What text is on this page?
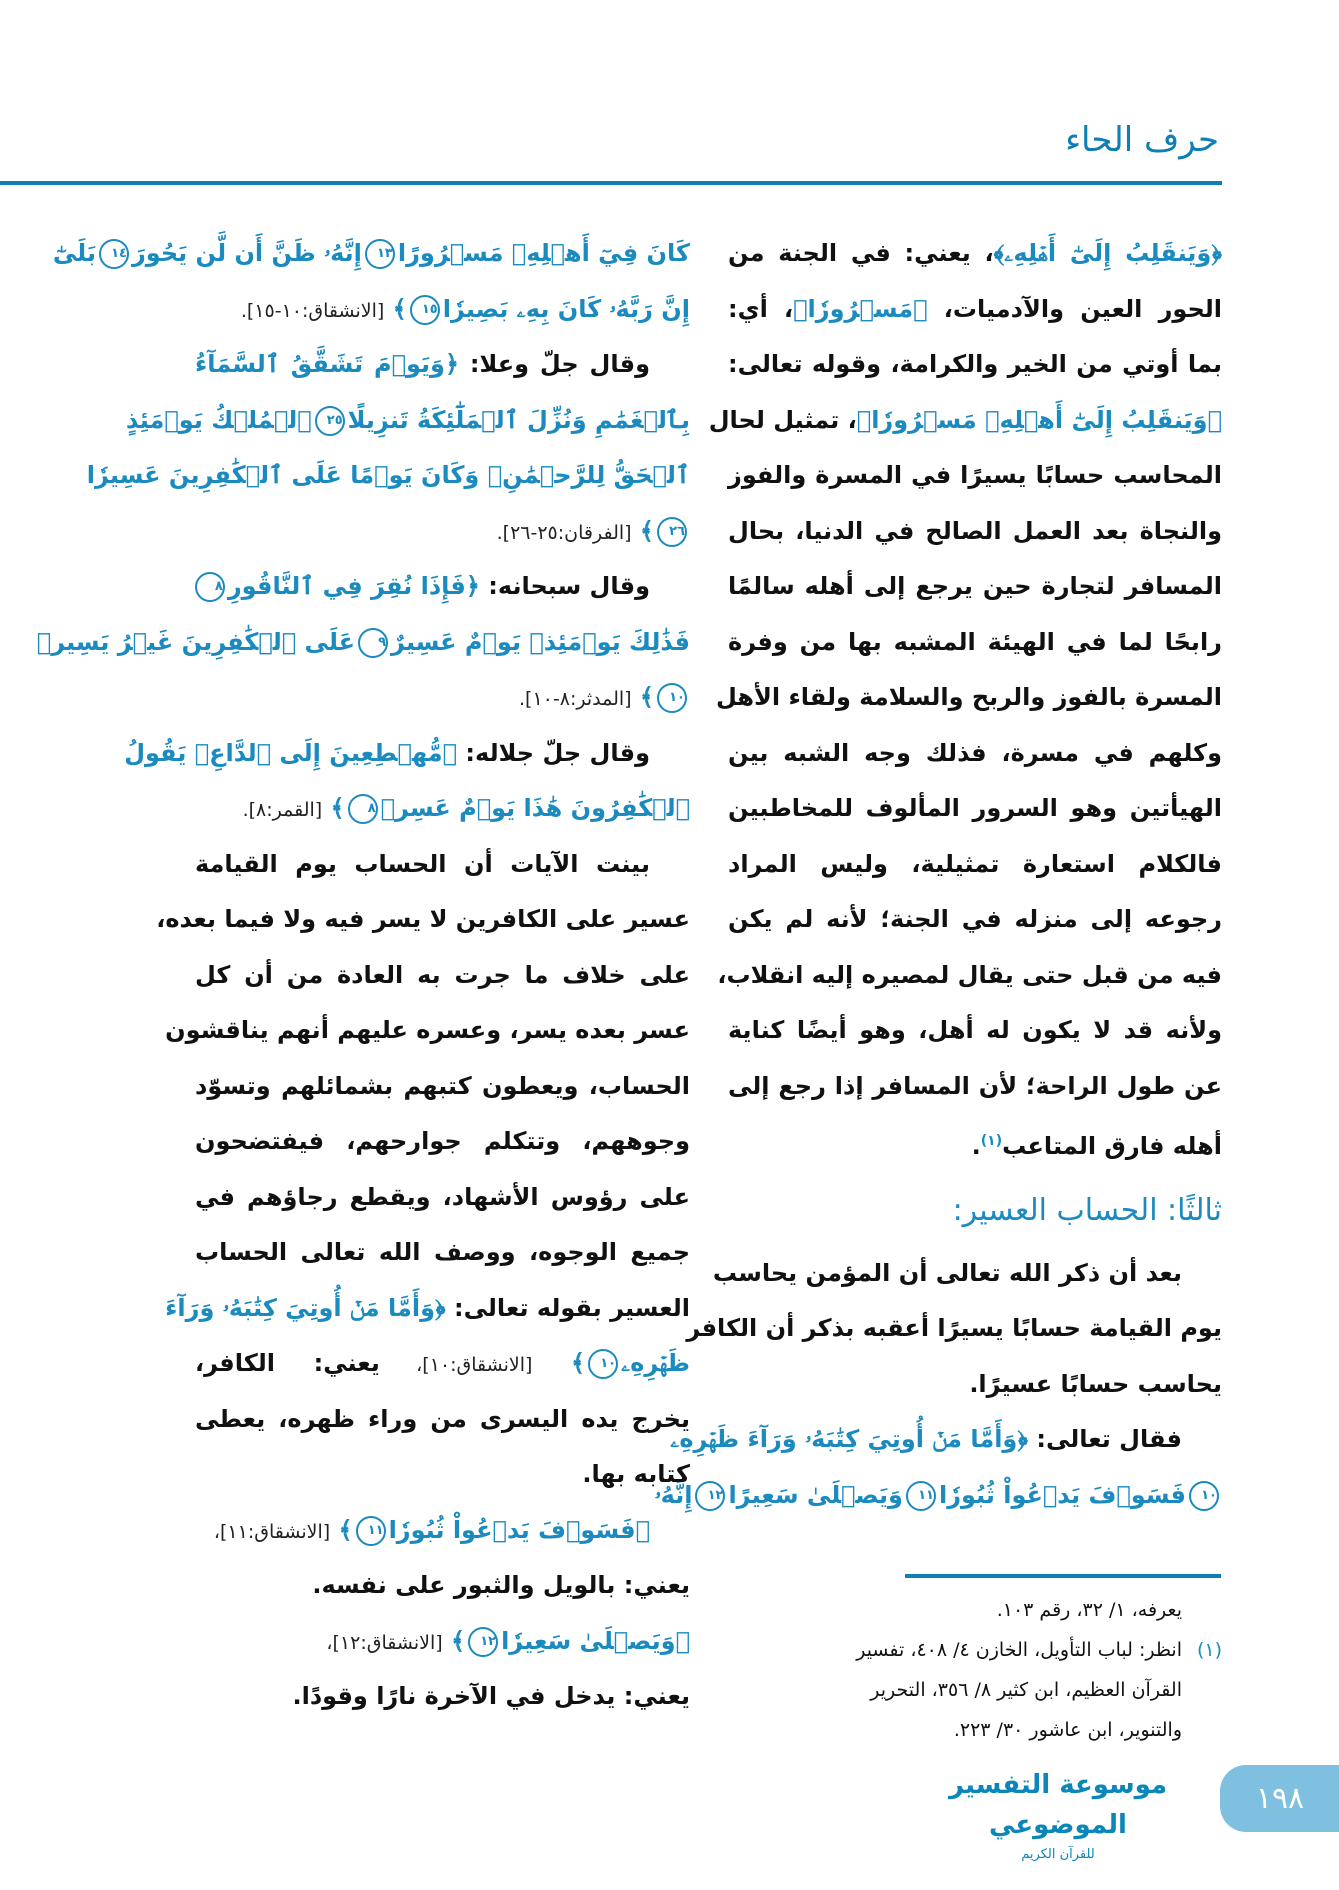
حرف الحاء
﴿وَيَنقَلِبُ إِلَىٰٓ أَهۡلِهِۦ﴾، يعني: في الجنة من
الحور العين والآدميات، ﴿مَسۡرُورٗا﴾، أي:
بما أوتي من الخير والكرامة، وقوله تعالى:
﴿وَيَنقَلِبُ إِلَىٰٓ أَهۡلِهِۦ مَسۡرُورٗا﴾، تمثيل لحال
المحاسب حسابًا يسيرًا في المسرة والفوز
والنجاة بعد العمل الصالح في الدنيا، بحال
المسافر لتجارة حين يرجع إلى أهله سالمًا
رابحًا لما في الهيئة المشبه بها من وفرة
المسرة بالفوز والربح والسلامة ولقاء الأهل
وكلهم في مسرة، فذلك وجه الشبه بين
الهيأتين وهو السرور المألوف للمخاطبين
فالكلام استعارة تمثيلية، وليس المراد
رجوعه إلى منزله في الجنة؛ لأنه لم يكن
فيه من قبل حتى يقال لمصيره إليه انقلاب،
ولأنه قد لا يكون له أهل، وهو أيضًا كناية
عن طول الراحة؛ لأن المسافر إذا رجع إلى
أهله فارق المتاعب$^{(١)}$.
ثالثًا: الحساب العسير:
بعد أن ذكر الله تعالى أن المؤمن يحاسب
يوم القيامة حسابًا يسيرًا أعقبه بذكر أن الكافر
يحاسب حسابًا عسيرًا.
فقال تعالى: ﴿وَأَمَّا مَنۡ أُوتِيَ كِتَٰبَهُۥ وَرَآءَ ظَهۡرِهِۦ
١٠فَسَوۡفَ يَدۡعُواْ ثُبُورٗا١١وَيَصۡلَىٰ سَعِيرًا١٢إِنَّهُۥ
كَانَ فِيٓ أَهۡلِهِۦ مَسۡرُورًا١٣إِنَّهُۥ ظَنَّ أَن لَّن يَحُورَ١٤بَلَىٰٓ
إِنَّ رَبَّهُۥ كَانَ بِهِۦ بَصِيرٗا١٥﴾ [الانشقاق:١٠-١٥].
وقال جلّ وعلا: ﴿وَيَوۡمَ تَشَقَّقُ ٱلسَّمَآءُ
بِٱلۡغَمَٰمِ وَنُزِّلَ ٱلۡمَلَٰٓئِكَةُ تَنزِيلًا٢٥ٱلۡمُلۡكُ يَوۡمَئِذٍ
ٱلۡحَقُّ لِلرَّحۡمَٰنِۚ وَكَانَ يَوۡمًا عَلَى ٱلۡكَٰفِرِينَ عَسِيرٗا
٢٦﴾ [الفرقان:٢٥-٢٦].
وقال سبحانه: ﴿فَإِذَا نُقِرَ فِي ٱلنَّاقُورِ٨
فَذَٰلِكَ يَوۡمَئِذٖ يَوۡمٌ عَسِيرٌ٩عَلَى ٱلۡكَٰفِرِينَ غَيۡرُ يَسِيرٖ
١٠﴾ [المدثر:٨-١٠].
وقال جلّ جلاله: ﴿مُّهۡطِعِينَ إِلَى ٱلدَّاعِۖ يَقُولُ
ٱلۡكَٰفِرُونَ هَٰذَا يَوۡمٌ عَسِرٞ٨﴾ [القمر:٨].
بينت الآيات أن الحساب يوم القيامة
عسير على الكافرين لا يسر فيه ولا فيما بعده،
على خلاف ما جرت به العادة من أن كل
عسر بعده يسر، وعسره عليهم أنهم يناقشون
الحساب، ويعطون كتبهم بشمائلهم وتسوّد
وجوههم، وتتكلم جوارحهم، فيفتضحون
على رؤوس الأشهاد، ويقطع رجاؤهم في
جميع الوجوه، ووصف الله تعالى الحساب
العسير بقوله تعالى: ﴿وَأَمَّا مَنۡ أُوتِيَ كِتَٰبَهُۥ وَرَآءَ
ظَهۡرِهِۦ١٠﴾ [الانشقاق:١٠]، يعني: الكافر،
يخرج يده اليسرى من وراء ظهره، يعطى
كتابه بها.
﴿فَسَوۡفَ يَدۡعُواْ ثُبُورٗا١١﴾ [الانشقاق:١١]،
يعني: بالويل والثبور على نفسه.
﴿وَيَصۡلَىٰ سَعِيرٗا١٢﴾ [الانشقاق:١٢]،
يعني: يدخل في الآخرة نارًا وقودًا.
يعرفه، ١/ ٣٢، رقم ١٠٣.
(١)انظر: لباب التأويل، الخازن ٤/ ٤٠٨، تفسير
القرآن العظيم، ابن كثير ٨/ ٣٥٦، التحرير
والتنوير، ابن عاشور ٣٠/ ٢٢٣.
موسوعة التفسير الموضوعي
للقرآن الكريم
١٩٨
